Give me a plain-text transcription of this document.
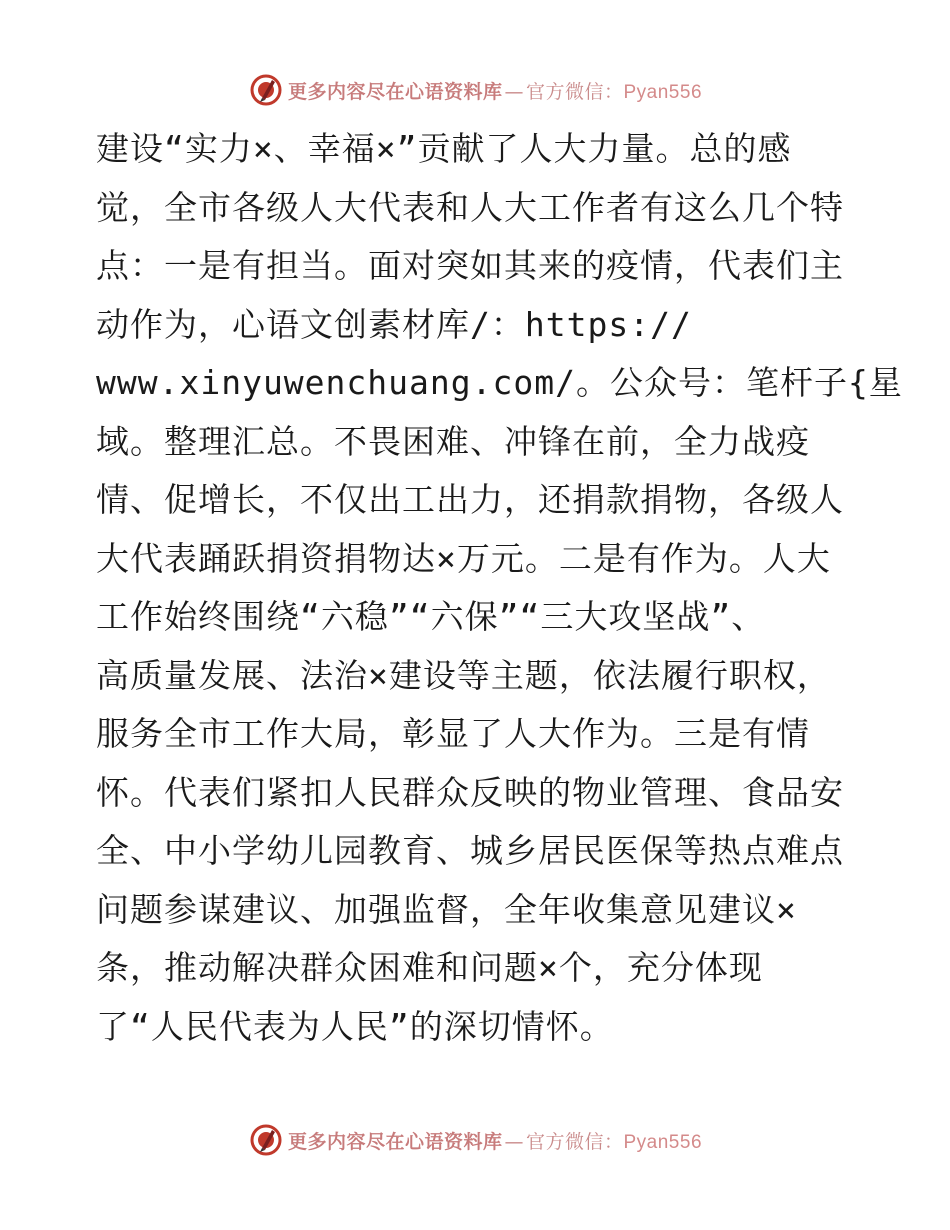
更多内容尽在心语资料库 — 官方微信：Pyan556
建设“实力×、幸福×”贡献了人大力量。总的感
觉，全市各级人大代表和人大工作者有这么几个特
点：一是有担当。面对突如其来的疫情，代表们主
动作为，心语文创素材库/：https://
www.xinyuwenchuang.com/。公众号：笔杆子{星
域。整理汇总。不畏困难、冲锋在前，全力战疫
情、促增长，不仅出工出力，还捐款捐物，各级人
大代表踊跃捐资捐物达×万元。二是有作为。人大
工作始终围绕“六稳”“六保”“三大攻坚战”、
高质量发展、法治×建设等主题，依法履行职权，
服务全市工作大局，彰显了人大作为。三是有情
怀。代表们紧扣人民群众反映的物业管理、食品安
全、中小学幼儿园教育、城乡居民医保等热点难点
问题参谋建议、加强监督，全年收集意见建议×
条，推动解决群众困难和问题×个，充分体现
了“人民代表为人民”的深切情怀。
更多内容尽在心语资料库 — 官方微信：Pyan556
